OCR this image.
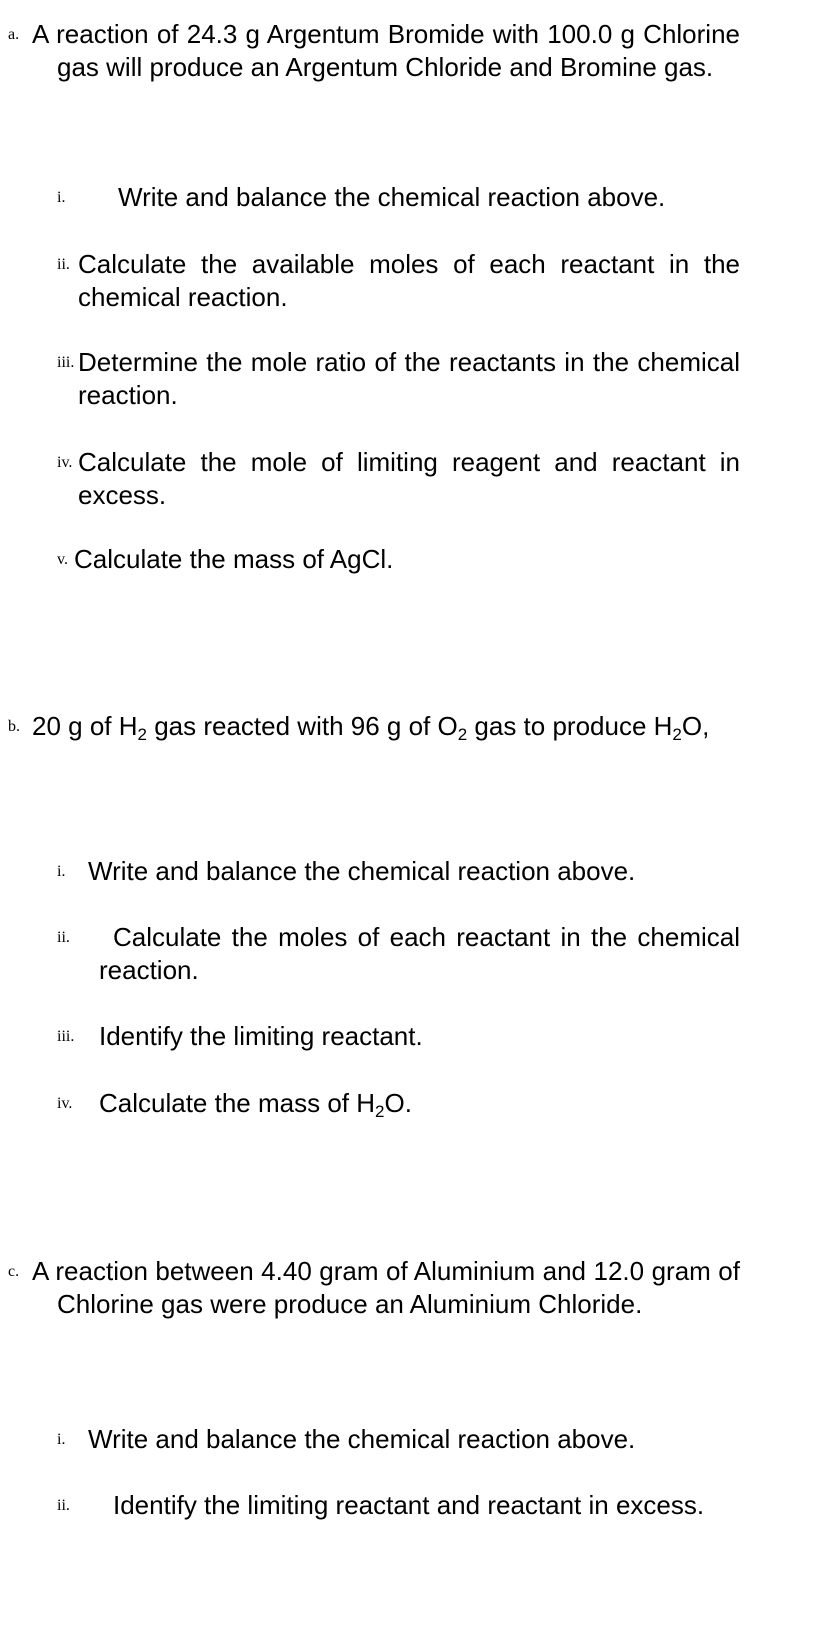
a. A reaction of 24.3 g Argentum Bromide with 100.0 g Chlorine gas will produce an Argentum Chloride and Bromine gas.
i.	Write and balance the chemical reaction above.
ii. Calculate the available moles of each reactant in the chemical reaction.
iii. Determine the mole ratio of the reactants in the chemical reaction.
iv. Calculate the mole of limiting reagent and reactant in excess.
v. Calculate the mass of AgCl.
b. 20 g of $H_2$ gas reacted with 96 g of $O_2$ gas to produce $H_2O$,
i. Write and balance the chemical reaction above.
ii.	Calculate the moles of each reactant in the chemical reaction.
iii. Identify the limiting reactant.
iv. Calculate the mass of $H_2O$.
c. A reaction between 4.40 gram of Aluminium and 12.0 gram of Chlorine gas were produce an Aluminium Chloride.
i. Write and balance the chemical reaction above.
ii.	Identify the limiting reactant and reactant in excess.
